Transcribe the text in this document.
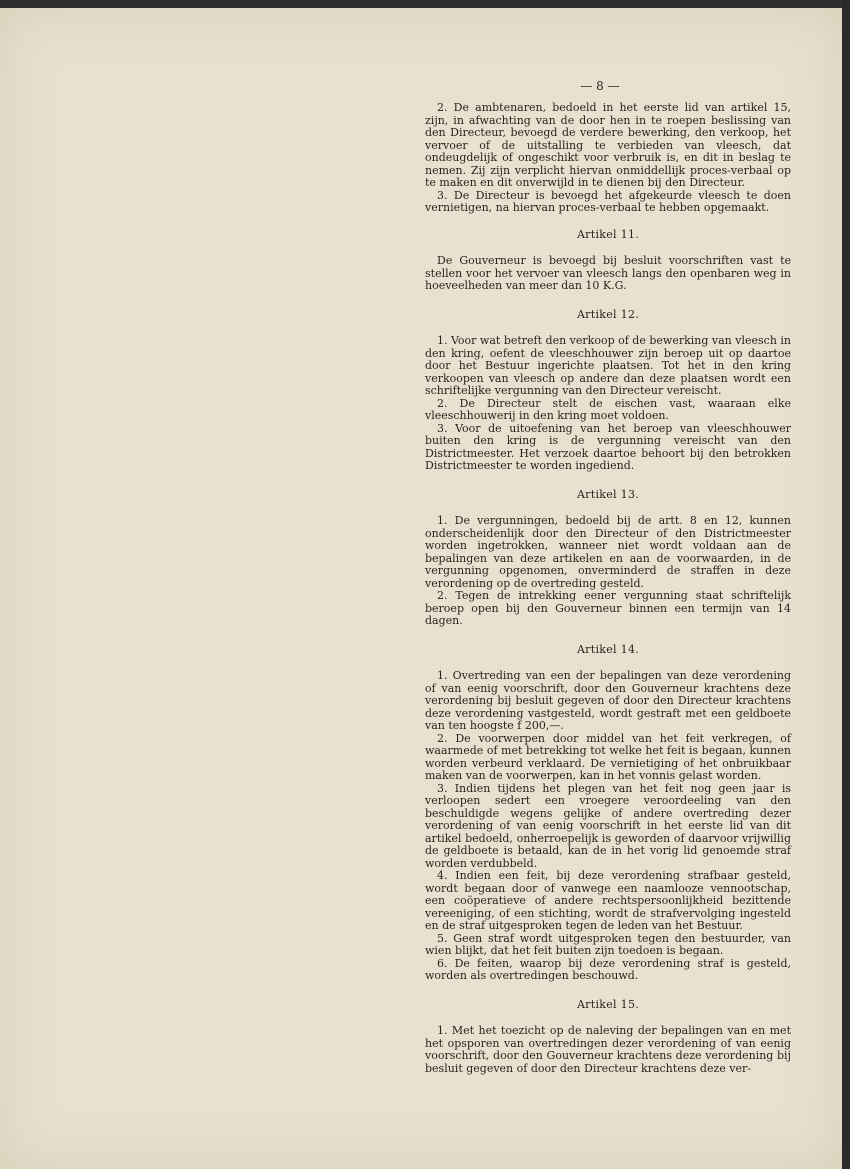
— 8 —

2. De ambtenaren, bedoeld in het eerste lid van artikel 15, zijn, in afwachting van de door hen in te roepen beslissing van den Directeur, bevoegd de verdere bewerking, den verkoop, het vervoer of de uitstalling te verbieden van vleesch, dat ondeugdelijk of ongeschikt voor verbruik is, en dit in beslag te nemen. Zij zijn verplicht hiervan onmiddellijk proces-verbaal op te maken en dit onverwijld in te dienen bij den Directeur.

3. De Directeur is bevoegd het afgekeurde vleesch te doen vernietigen, na hiervan proces-verbaal te hebben opgemaakt.

Artikel 11.

De Gouverneur is bevoegd bij besluit voorschriften vast te stellen voor het vervoer van vleesch langs den openbaren weg in hoeveelheden van meer dan 10 K.G.

Artikel 12.

1. Voor wat betreft den verkoop of de bewerking van vleesch in den kring, oefent de vleeschhouwer zijn beroep uit op daartoe door het Bestuur ingerichte plaatsen. Tot het in den kring verkoopen van vleesch op andere dan deze plaatsen wordt een schriftelijke vergunning van den Directeur vereischt.

2. De Directeur stelt de eischen vast, waaraan elke vleeschhouwerij in den kring moet voldoen.

3. Voor de uitoefening van het beroep van vleeschhouwer buiten den kring is de vergunning vereischt van den Districtmeester. Het verzoek daartoe behoort bij den betrokken Districtmeester te worden ingediend.

Artikel 13.

1. De vergunningen, bedoeld bij de artt. 8 en 12, kunnen onderscheidenlijk door den Directeur of den Districtmeester worden ingetrokken, wanneer niet wordt voldaan aan de bepalingen van deze artikelen en aan de voorwaarden, in de vergunning opgenomen, onverminderd de straffen in deze verordening op de overtreding gesteld.

2. Tegen de intrekking eener vergunning staat schriftelijk beroep open bij den Gouverneur binnen een termijn van 14 dagen.

Artikel 14.

1. Overtreding van een der bepalingen van deze verordening of van eenig voorschrift, door den Gouverneur krachtens deze verordening bij besluit gegeven of door den Directeur krachtens deze verordening vastgesteld, wordt gestraft met een geldboete van ten hoogste f 200,—.

2. De voorwerpen door middel van het feit verkregen, of waarmede of met betrekking tot welke het feit is begaan, kunnen worden verbeurd verklaard. De vernietiging of het onbruikbaar maken van de voorwerpen, kan in het vonnis gelast worden.

3. Indien tijdens het plegen van het feit nog geen jaar is verloopen sedert een vroegere veroordeeling van den beschuldigde wegens gelijke of andere overtreding dezer verordening of van eenig voorschrift in het eerste lid van dit artikel bedoeld, onherroepelijk is geworden of daarvoor vrijwillig de geldboete is betaald, kan de in het vorig lid genoemde straf worden verdubbeld.

4. Indien een feit, bij deze verordening strafbaar gesteld, wordt begaan door of vanwege een naamlooze vennootschap, een coöperatieve of andere rechtspersoonlijkheid bezittende vereeniging, of een stichting, wordt de strafvervolging ingesteld en de straf uitgesproken tegen de leden van het Bestuur.

5. Geen straf wordt uitgesproken tegen den bestuurder, van wien blijkt, dat het feit buiten zijn toedoen is begaan.

6. De feiten, waarop bij deze verordening straf is gesteld, worden als overtredingen beschouwd.

Artikel 15.

1. Met het toezicht op de naleving der bepalingen van en met het opsporen van overtredingen dezer verordening of van eenig voorschrift, door den Gouverneur krachtens deze verordening bij besluit gegeven of door den Directeur krachtens deze ver-
